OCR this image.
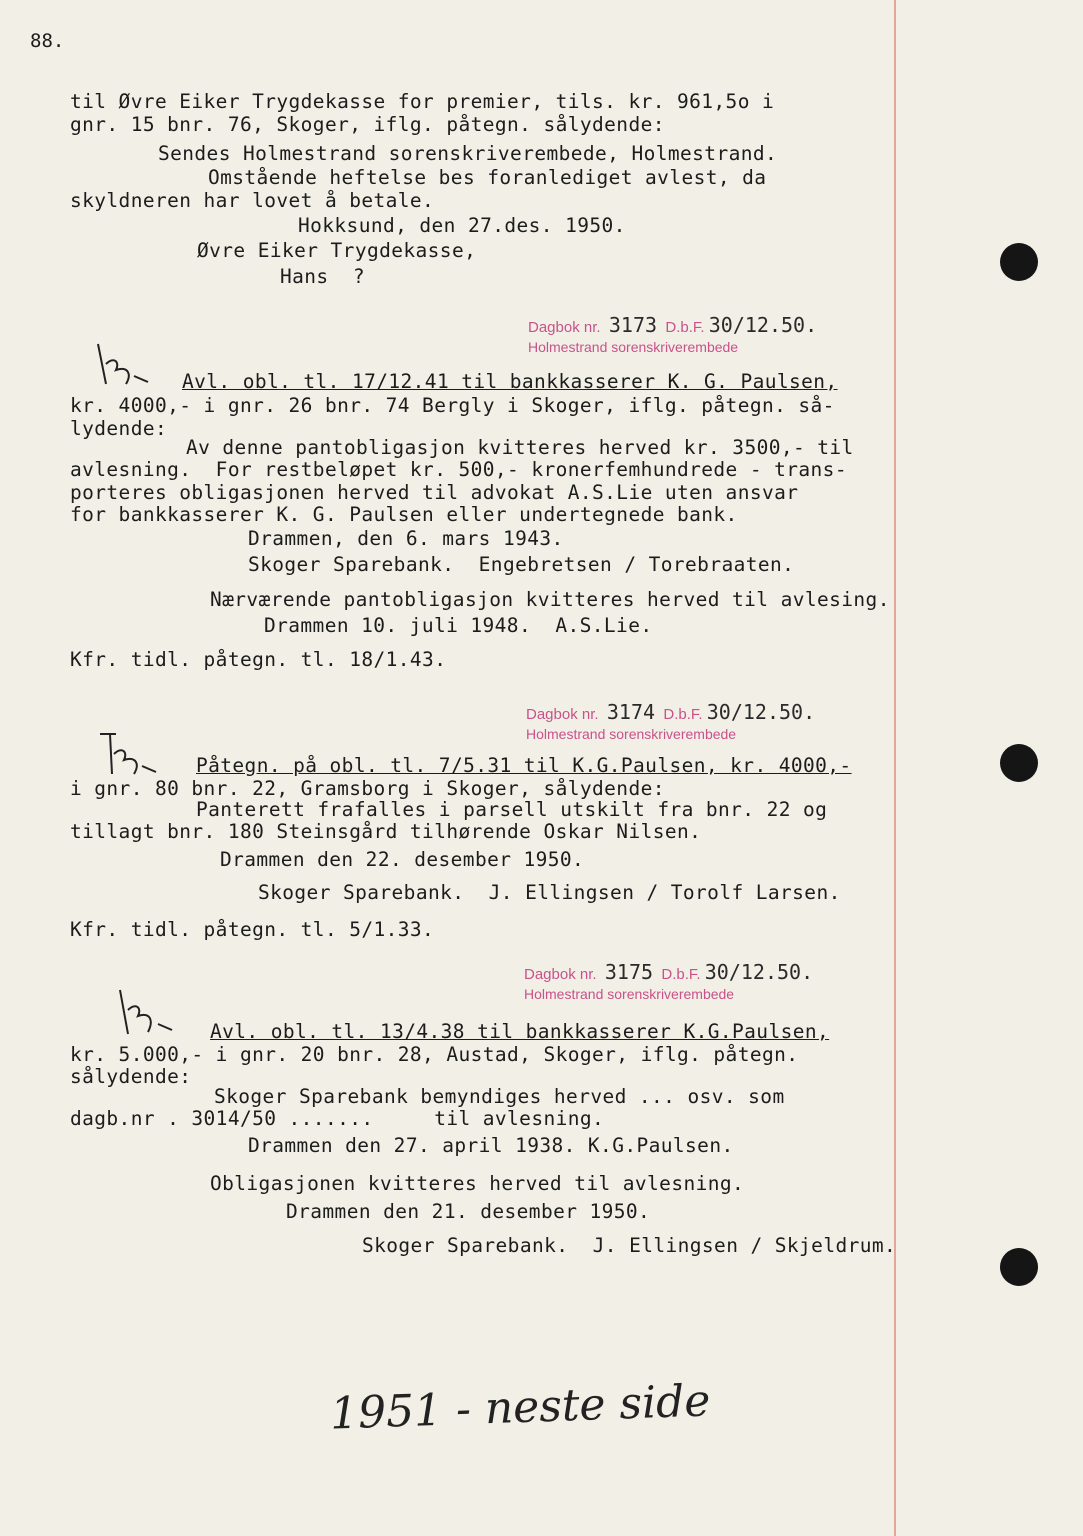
88.
til Øvre Eiker Trygdekasse for premier, tils. kr. 961,5o i
gnr. 15 bnr. 76, Skoger, iflg. påtegn. sålydende:
Sendes Holmestrand sorenskriverembede, Holmestrand.
Omstående heftelse bes foranlediget avlest, da
skyldneren har lovet å betale.
Hokksund, den 27.des. 1950.
Øvre Eiker Trygdekasse,
Hans  ?
Dagbok nr. 3173 D.b.F. 30/12.50.
Holmestrand sorenskriverembede
Avl. obl. tl. 17/12.41 til bankkasserer K. G. Paulsen,
kr. 4000,- i gnr. 26 bnr. 74 Bergly i Skoger, iflg. påtegn. så-
lydende:
Av denne pantobligasjon kvitteres herved kr. 3500,- til
avlesning.  For restbeløpet kr. 500,- kronerfemhundrede - trans-
porteres obligasjonen herved til advokat A.S.Lie uten ansvar
for bankkasserer K. G. Paulsen eller undertegnede bank.
Drammen, den 6. mars 1943.
Skoger Sparebank.  Engebretsen / Torebraaten.
Nærværende pantobligasjon kvitteres herved til avlesing.
Drammen 10. juli 1948.  A.S.Lie.
Kfr. tidl. påtegn. tl. 18/1.43.
Dagbok nr. 3174 D.b.F. 30/12.50.
Holmestrand sorenskriverembede
Påtegn. på obl. tl. 7/5.31 til K.G.Paulsen, kr. 4000,-
i gnr. 80 bnr. 22, Gramsborg i Skoger, sålydende:
Panterett frafalles i parsell utskilt fra bnr. 22 og
tillagt bnr. 180 Steinsgård tilhørende Oskar Nilsen.
Drammen den 22. desember 1950.
Skoger Sparebank.  J. Ellingsen / Torolf Larsen.
Kfr. tidl. påtegn. tl. 5/1.33.
Dagbok nr. 3175 D.b.F. 30/12.50.
Holmestrand sorenskriverembede
Avl. obl. tl. 13/4.38 til bankkasserer K.G.Paulsen,
kr. 5.000,- i gnr. 20 bnr. 28, Austad, Skoger, iflg. påtegn.
sålydende:
Skoger Sparebank bemyndiges herved ... osv. som
dagb.nr . 3014/50 .......     til avlesning.
Drammen den 27. april 1938. K.G.Paulsen.
Obligasjonen kvitteres herved til avlesning.
Drammen den 21. desember 1950.
Skoger Sparebank.  J. Ellingsen / Skjeldrum.
1951 - neste side
